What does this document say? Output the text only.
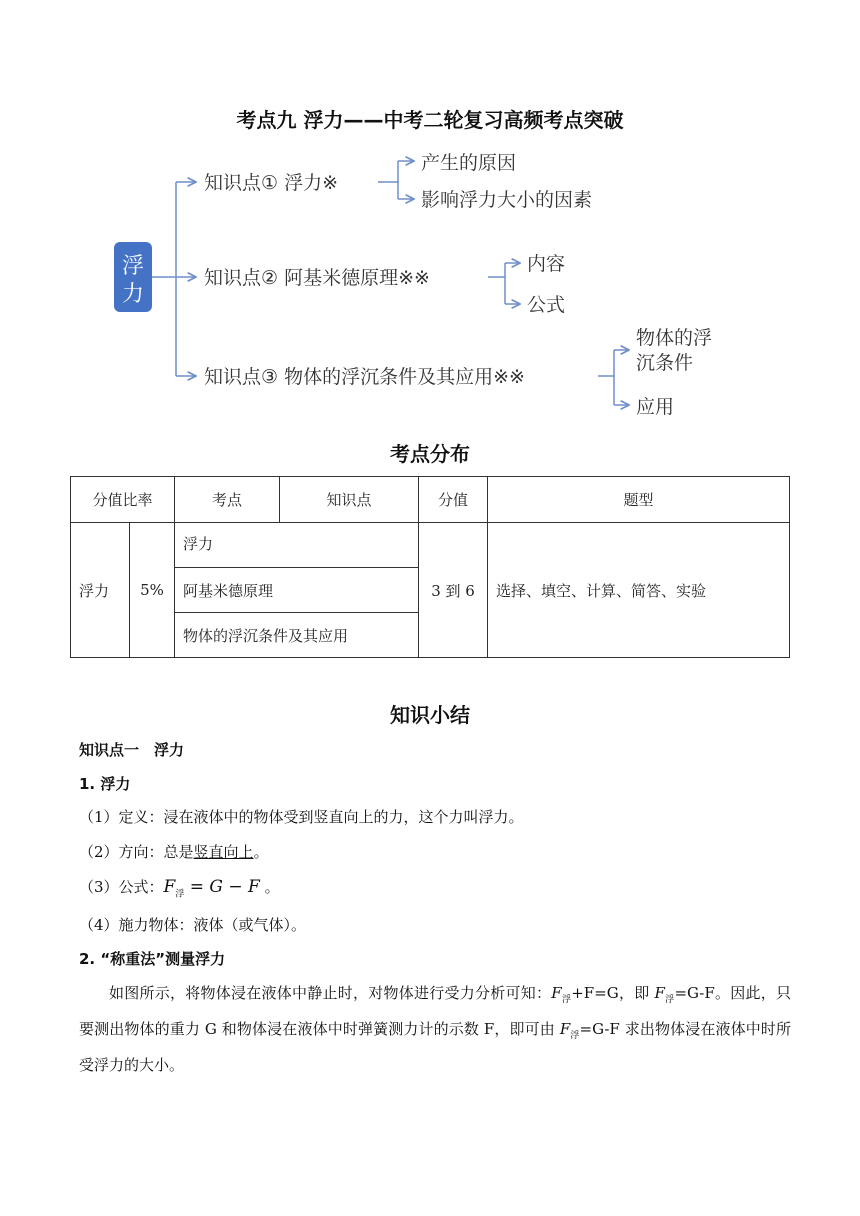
考点九 浮力——中考二轮复习高频考点突破
浮
力
知识点① 浮力※
知识点② 阿基米德原理※※
知识点③ 物体的浮沉条件及其应用※※
产生的原因
影响浮力大小的因素
内容
公式
物体的浮 沉条件
应用
考点分布
分值比率		考点	知识点	分值	题型
浮力	5%	浮力		3 到 6	选择、填空、计算、简答、实验
		阿基米德原理			
		物体的浮沉条件及其应用			
知识小结
知识点一　浮力
1. 浮力
（1）定义：浸在液体中的物体受到竖直向上的力，这个力叫浮力。
（2）方向：总是竖直向上。
（3）公式：$F_浮 = G - F$ 。
（4）施力物体：液体（或气体）。
2. “称重法”测量浮力
如图所示，将物体浸在液体中静止时，对物体进行受力分析可知：$F_浮+F=G$，即 $F_浮=G-F$。因此，只要测出物体的重力 G 和物体浸在液体中时弹簧测力计的示数 F，即可由 $F_浮=G-F$ 求出物体浸在液体中时所受浮力的大小。
